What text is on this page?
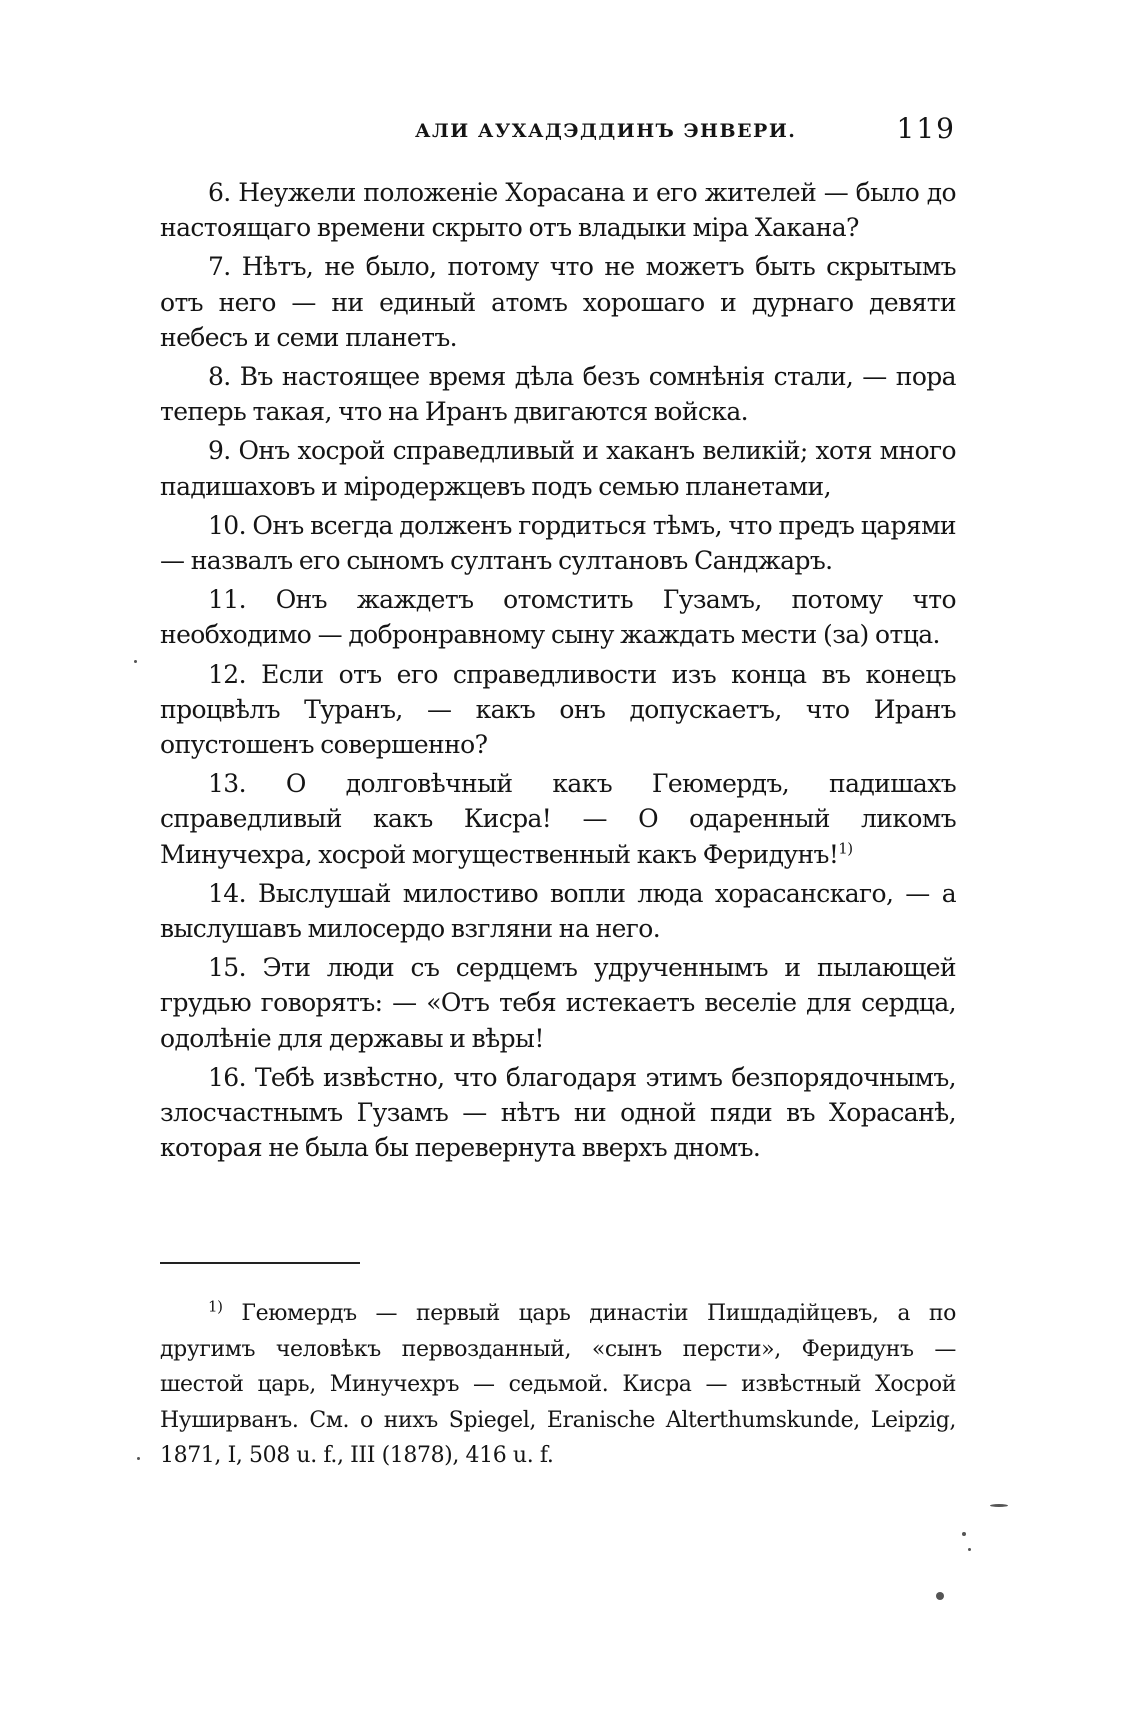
АЛИ АУХАДЭДДИНЪ ЭНВЕРИ.	119

6. Неужели положенiе Хорасана и его жителей — было до настоящаго времени скрыто отъ владыки мiра Хакана?

7. Нѣтъ, не было, потому что не можетъ быть скрытымъ отъ него — ни единый атомъ хорошаго и дурнаго девяти небесъ и семи планетъ.

8. Въ настоящее время дѣла безъ сомнѣнiя стали, — пора теперь такая, что на Иранъ двигаются войска.

9. Онъ хосрой справедливый и хаканъ великiй; хотя много падишаховъ и мiродержцевъ подъ семью планетами,

10. Онъ всегда долженъ гордиться тѣмъ, что предъ царями — назвалъ его сыномъ султанъ султановъ Санджаръ.

11. Онъ жаждетъ отомстить Гузамъ, потому что необходимо — добронравному сыну жаждать мести (за) отца.

12. Если отъ его справедливости изъ конца въ конецъ процвѣлъ Туранъ, — какъ онъ допускаетъ, что Иранъ опустошенъ совершенно?

13. О долговѣчный какъ Геюмердъ, падишахъ справедливый какъ Кисра! — О одаренный ликомъ Минучехра, хосрой могущественный какъ Феридунъ!$^{1)}$

14. Выслушай милостиво вопли люда хорасанскаго, — а выслушавъ милосердо взгляни на него.

15. Эти люди съ сердцемъ удрученнымъ и пылающей грудью говорятъ: — «Отъ тебя истекаетъ веселiе для сердца, одолѣнiе для державы и вѣры!

16. Тебѣ извѣстно, что благодаря этимъ безпорядочнымъ, злосчастнымъ Гузамъ — нѣтъ ни одной пяди въ Хорасанѣ, которая не была бы перевернута вверхъ дномъ.

$^{1)}$ Геюмердъ — первый царь династiи Пишдадiйцевъ, а по другимъ человѣкъ первозданный, «сынъ персти», Феридунъ — шестой царь, Минучехръ — седьмой. Кисра — извѣстный Хосрой Нуширванъ. См. о нихъ Spiegel, Eranische Alterthumskunde, Leipzig, 1871, I, 508 u. f., III (1878), 416 u. f.
